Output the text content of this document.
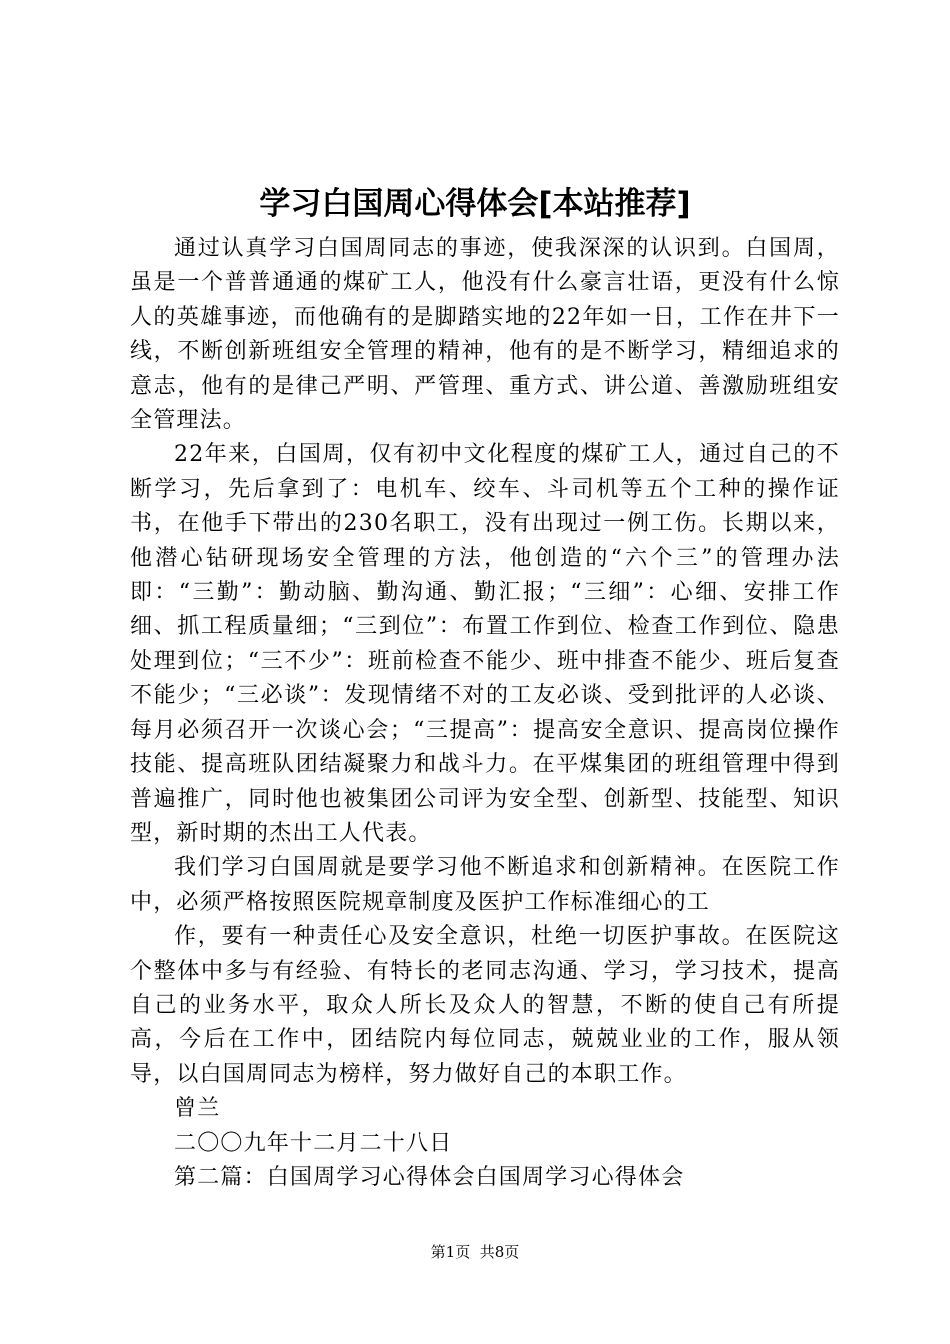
学习白国周心得体会[本站推荐]

通过认真学习白国周同志的事迹，使我深深的认识到。白国周，虽是一个普普通通的煤矿工人，他没有什么豪言壮语，更没有什么惊人的英雄事迹，而他确有的是脚踏实地的22年如一日，工作在井下一线，不断创新班组安全管理的精神，他有的是不断学习，精细追求的意志，他有的是律己严明、严管理、重方式、讲公道、善激励班组安全管理法。

22年来，白国周，仅有初中文化程度的煤矿工人，通过自己的不断学习，先后拿到了：电机车、绞车、斗司机等五个工种的操作证书，在他手下带出的230名职工，没有出现过一例工伤。长期以来，他潜心钻研现场安全管理的方法，他创造的“六个三”的管理办法即：“三勤”：勤动脑、勤沟通、勤汇报；“三细”：心细、安排工作细、抓工程质量细；“三到位”：布置工作到位、检查工作到位、隐患处理到位；“三不少”：班前检查不能少、班中排查不能少、班后复查不能少；“三必谈”：发现情绪不对的工友必谈、受到批评的人必谈、每月必须召开一次谈心会；“三提高”：提高安全意识、提高岗位操作技能、提高班队团结凝聚力和战斗力。在平煤集团的班组管理中得到普遍推广，同时他也被集团公司评为安全型、创新型、技能型、知识型，新时期的杰出工人代表。

我们学习白国周就是要学习他不断追求和创新精神。在医院工作中，必须严格按照医院规章制度及医护工作标准细心的工

作，要有一种责任心及安全意识，杜绝一切医护事故。在医院这个整体中多与有经验、有特长的老同志沟通、学习，学习技术，提高自己的业务水平，取众人所长及众人的智慧，不断的使自己有所提高，今后在工作中，团结院内每位同志，兢兢业业的工作，服从领导，以白国周同志为榜样，努力做好自己的本职工作。

曾兰

二〇〇九年十二月二十八日

第二篇：白国周学习心得体会白国周学习心得体会

第1页 共8页
